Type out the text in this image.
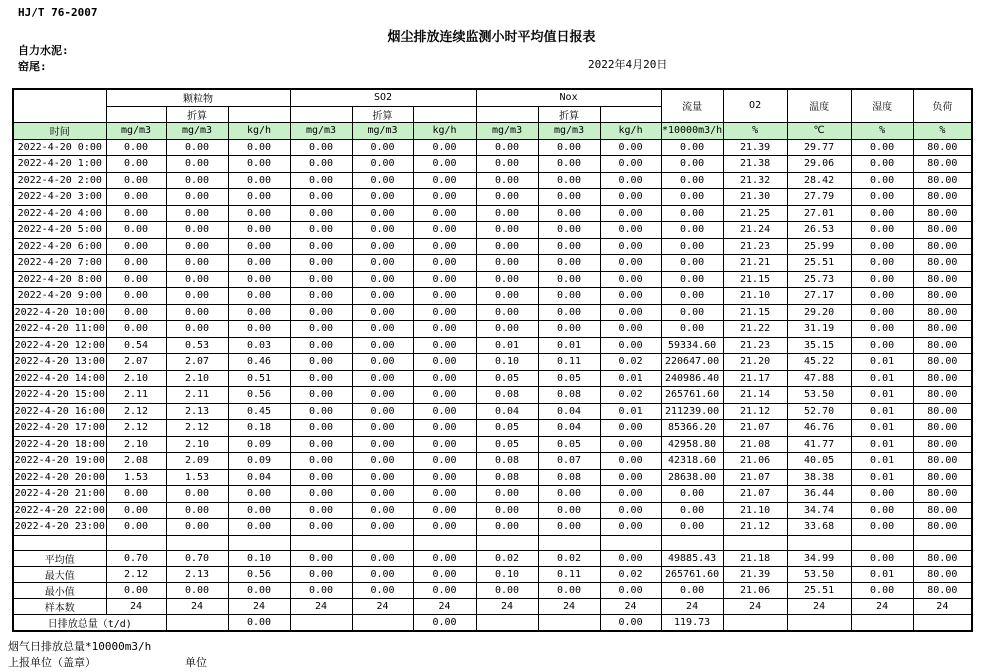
HJ/T 76-2007
烟尘排放连续监测小时平均值日报表
自力水泥:
窑尾:	2022年4月20日
	颗粒物			SO2			Nox			流量	O2	温度	湿度	负荷
		折算			折算			折算						
时间	mg/m3	mg/m3	kg/h	mg/m3	mg/m3	kg/h	mg/m3	mg/m3	kg/h	*10000m3/h	%	℃	%	%
2022-4-20 0:00	0.00	0.00	0.00	0.00	0.00	0.00	0.00	0.00	0.00	0.00	21.39	29.77	0.00	80.00
2022-4-20 1:00	0.00	0.00	0.00	0.00	0.00	0.00	0.00	0.00	0.00	0.00	21.38	29.06	0.00	80.00
2022-4-20 2:00	0.00	0.00	0.00	0.00	0.00	0.00	0.00	0.00	0.00	0.00	21.32	28.42	0.00	80.00
2022-4-20 3:00	0.00	0.00	0.00	0.00	0.00	0.00	0.00	0.00	0.00	0.00	21.30	27.79	0.00	80.00
2022-4-20 4:00	0.00	0.00	0.00	0.00	0.00	0.00	0.00	0.00	0.00	0.00	21.25	27.01	0.00	80.00
2022-4-20 5:00	0.00	0.00	0.00	0.00	0.00	0.00	0.00	0.00	0.00	0.00	21.24	26.53	0.00	80.00
2022-4-20 6:00	0.00	0.00	0.00	0.00	0.00	0.00	0.00	0.00	0.00	0.00	21.23	25.99	0.00	80.00
2022-4-20 7:00	0.00	0.00	0.00	0.00	0.00	0.00	0.00	0.00	0.00	0.00	21.21	25.51	0.00	80.00
2022-4-20 8:00	0.00	0.00	0.00	0.00	0.00	0.00	0.00	0.00	0.00	0.00	21.15	25.73	0.00	80.00
2022-4-20 9:00	0.00	0.00	0.00	0.00	0.00	0.00	0.00	0.00	0.00	0.00	21.10	27.17	0.00	80.00
2022-4-20 10:00	0.00	0.00	0.00	0.00	0.00	0.00	0.00	0.00	0.00	0.00	21.15	29.20	0.00	80.00
2022-4-20 11:00	0.00	0.00	0.00	0.00	0.00	0.00	0.00	0.00	0.00	0.00	21.22	31.19	0.00	80.00
2022-4-20 12:00	0.54	0.53	0.03	0.00	0.00	0.00	0.01	0.01	0.00	59334.60	21.23	35.15	0.00	80.00
2022-4-20 13:00	2.07	2.07	0.46	0.00	0.00	0.00	0.10	0.11	0.02	220647.00	21.20	45.22	0.01	80.00
2022-4-20 14:00	2.10	2.10	0.51	0.00	0.00	0.00	0.05	0.05	0.01	240986.40	21.17	47.88	0.01	80.00
2022-4-20 15:00	2.11	2.11	0.56	0.00	0.00	0.00	0.08	0.08	0.02	265761.60	21.14	53.50	0.01	80.00
2022-4-20 16:00	2.12	2.13	0.45	0.00	0.00	0.00	0.04	0.04	0.01	211239.00	21.12	52.70	0.01	80.00
2022-4-20 17:00	2.12	2.12	0.18	0.00	0.00	0.00	0.05	0.04	0.00	85366.20	21.07	46.76	0.01	80.00
2022-4-20 18:00	2.10	2.10	0.09	0.00	0.00	0.00	0.05	0.05	0.00	42958.80	21.08	41.77	0.01	80.00
2022-4-20 19:00	2.08	2.09	0.09	0.00	0.00	0.00	0.08	0.07	0.00	42318.60	21.06	40.05	0.01	80.00
2022-4-20 20:00	1.53	1.53	0.04	0.00	0.00	0.00	0.08	0.08	0.00	28638.00	21.07	38.38	0.01	80.00
2022-4-20 21:00	0.00	0.00	0.00	0.00	0.00	0.00	0.00	0.00	0.00	0.00	21.07	36.44	0.00	80.00
2022-4-20 22:00	0.00	0.00	0.00	0.00	0.00	0.00	0.00	0.00	0.00	0.00	21.10	34.74	0.00	80.00
2022-4-20 23:00	0.00	0.00	0.00	0.00	0.00	0.00	0.00	0.00	0.00	0.00	21.12	33.68	0.00	80.00

平均值	0.70	0.70	0.10	0.00	0.00	0.00	0.02	0.02	0.00	49885.43	21.18	34.99	0.00	80.00
最大值	2.12	2.13	0.56	0.00	0.00	0.00	0.10	0.11	0.02	265761.60	21.39	53.50	0.01	80.00
最小值	0.00	0.00	0.00	0.00	0.00	0.00	0.00	0.00	0.00	0.00	21.06	25.51	0.00	80.00
样本数	24	24	24	24	24	24	24	24	24	24	24	24	24	24
日排放总量（t/d)			0.00			0.00			0.00	119.73				
烟气日排放总量*10000m3/h
上报单位（盖章）	单位
